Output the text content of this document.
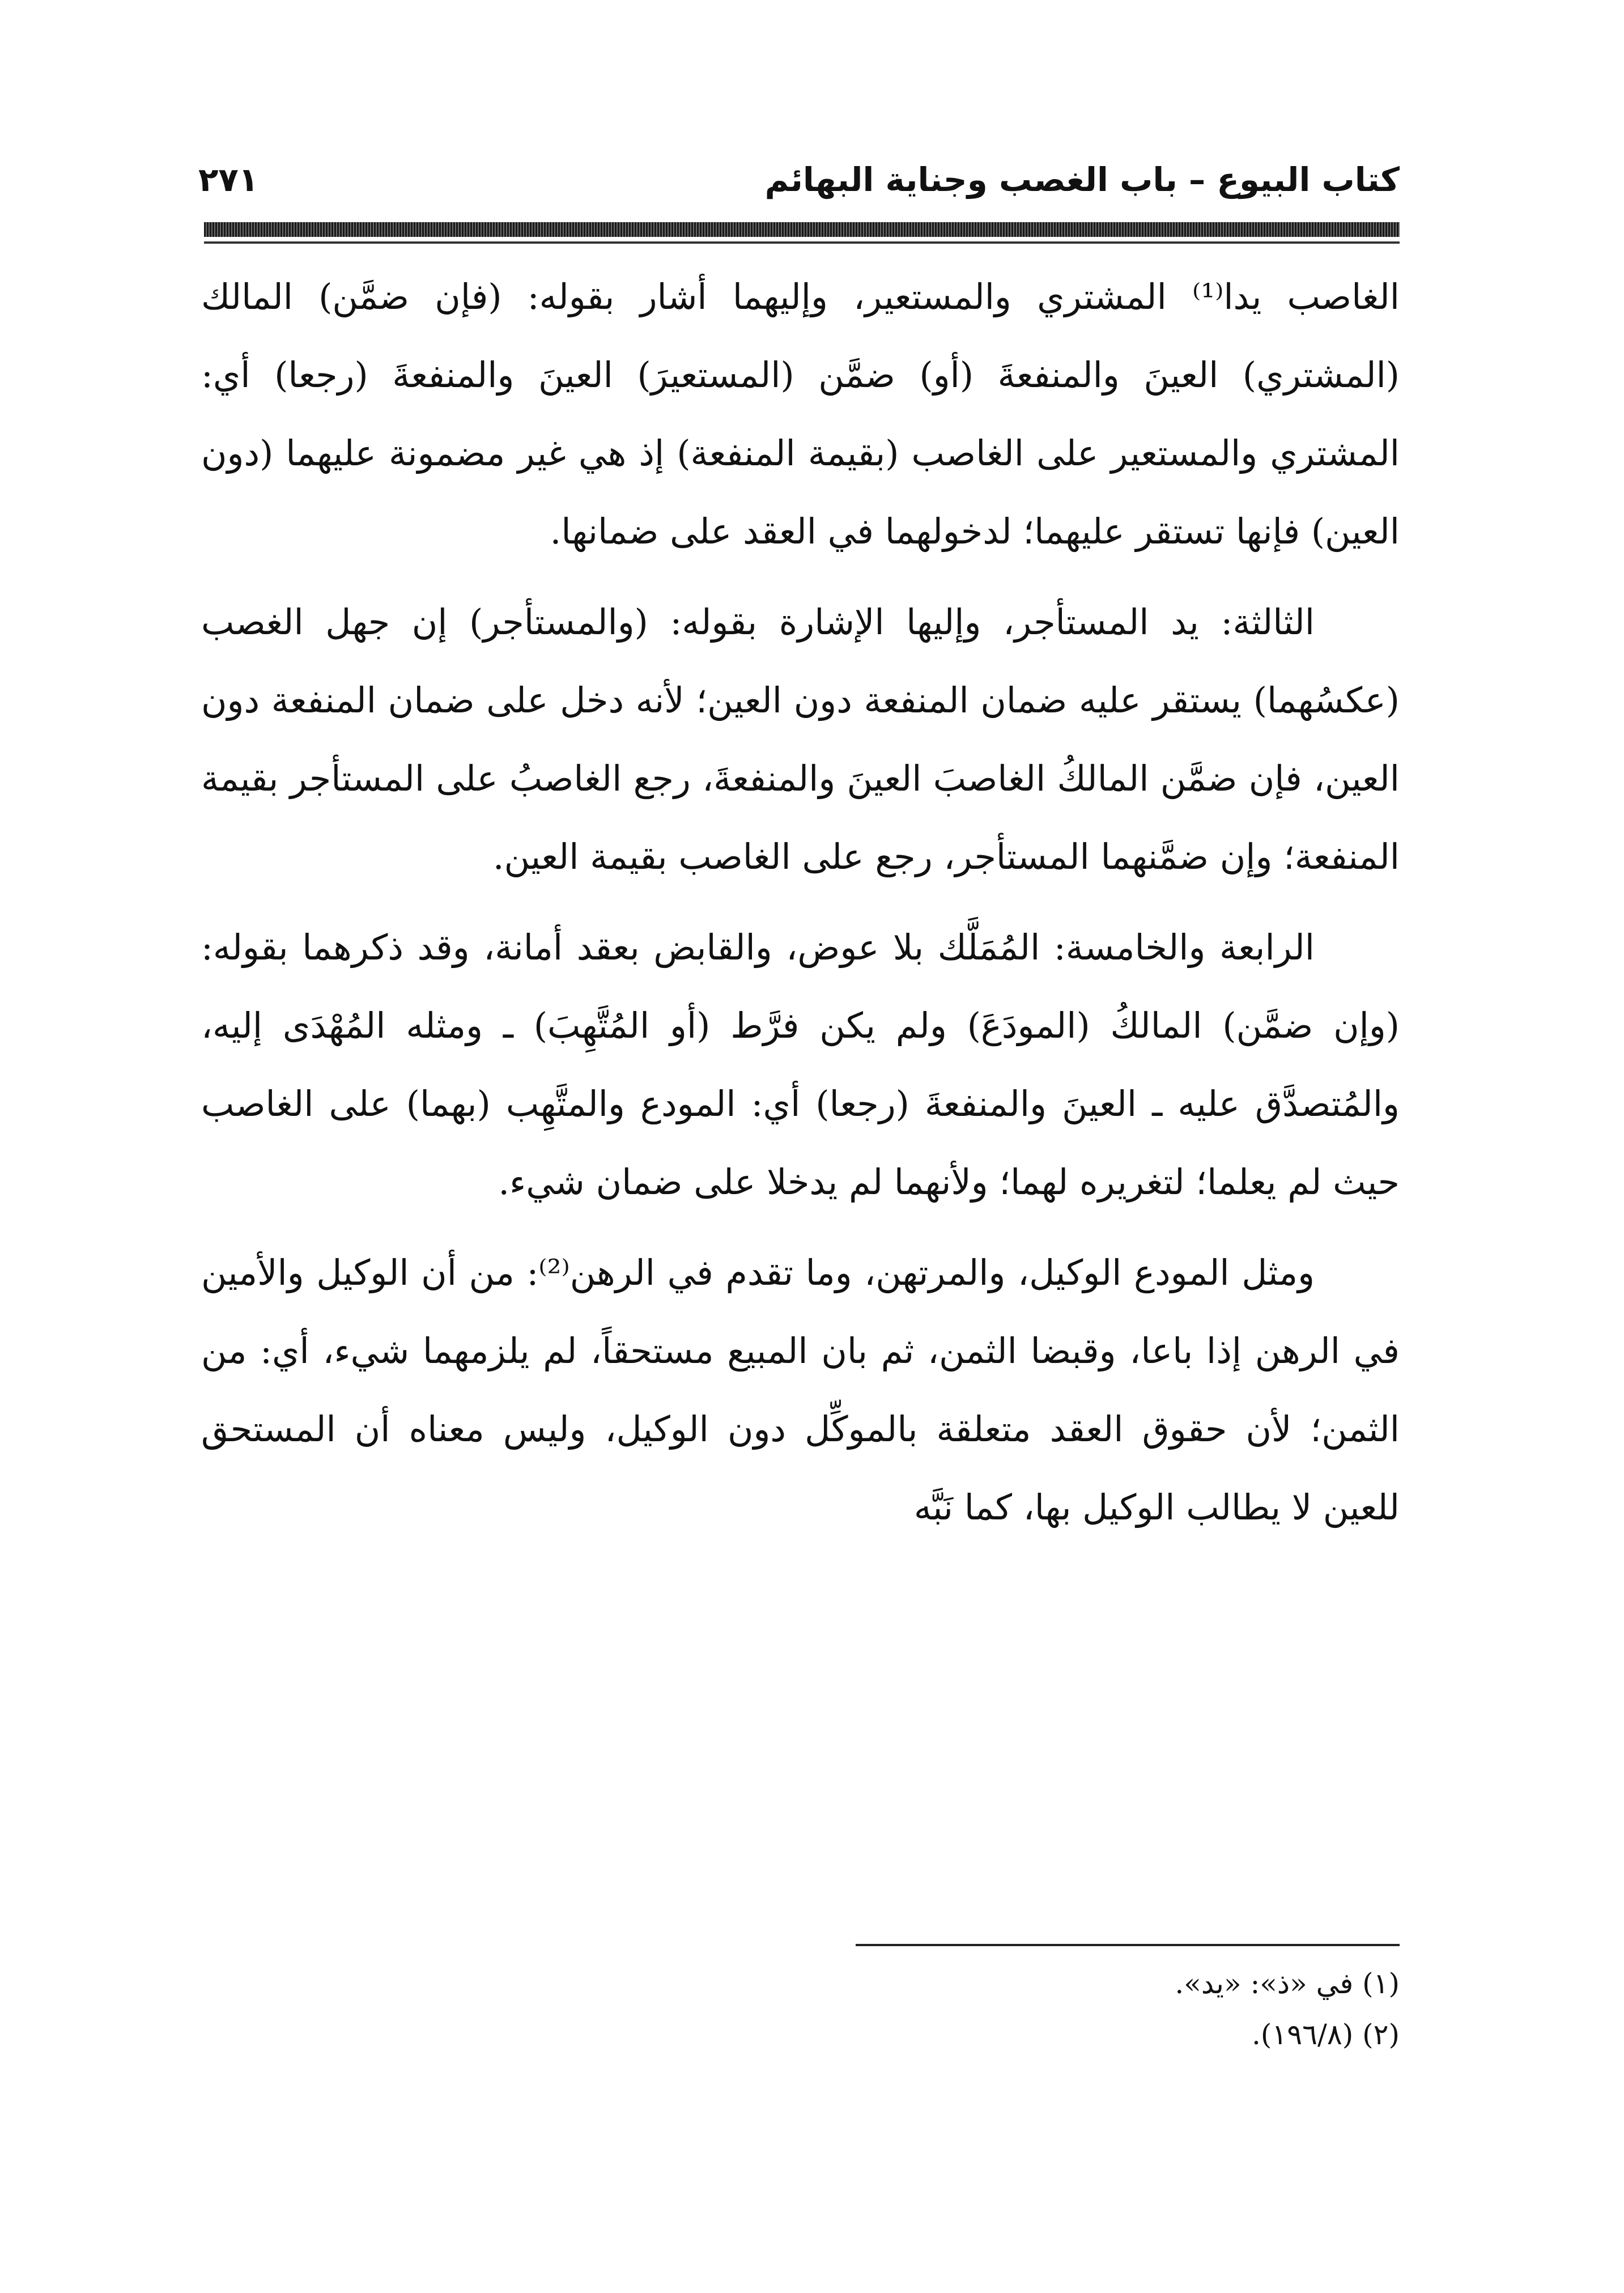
كتاب البيوع – باب الغصب وجناية البهائم
٢٧١

الغاصب يدا⁽¹⁾ المشتري والمستعير، وإليهما أشار بقوله: (فإن ضمَّن) المالك (المشتري) العينَ والمنفعةَ (أو) ضمَّن (المستعيرَ) العينَ والمنفعةَ (رجعا) أي: المشتري والمستعير على الغاصب (بقيمة المنفعة) إذ هي غير مضمونة عليهما (دون العين) فإنها تستقر عليهما؛ لدخولهما في العقد على ضمانها.

الثالثة: يد المستأجر، وإليها الإشارة بقوله: (والمستأجر) إن جهل الغصب (عكسُهما) يستقر عليه ضمان المنفعة دون العين؛ لأنه دخل على ضمان المنفعة دون العين، فإن ضمَّن المالكُ الغاصبَ العينَ والمنفعةَ، رجع الغاصبُ على المستأجر بقيمة المنفعة؛ وإن ضمَّنهما المستأجر، رجع على الغاصب بقيمة العين.

الرابعة والخامسة: المُمَلَّك بلا عوض، والقابض بعقد أمانة، وقد ذكرهما بقوله: (وإن ضمَّن) المالكُ (المودَعَ) ولم يكن فرَّط (أو المُتَّهِبَ) ـ ومثله المُهْدَى إليه، والمُتصدَّق عليه ـ العينَ والمنفعةَ (رجعا) أي: المودع والمتَّهِب (بهما) على الغاصب حيث لم يعلما؛ لتغريره لهما؛ ولأنهما لم يدخلا على ضمان شيء.

ومثل المودع الوكيل، والمرتهن، وما تقدم في الرهن⁽²⁾: من أن الوكيل والأمين في الرهن إذا باعا، وقبضا الثمن، ثم بان المبيع مستحقاً، لم يلزمهما شيء، أي: من الثمن؛ لأن حقوق العقد متعلقة بالموكِّل دون الوكيل، وليس معناه أن المستحق للعين لا يطالب الوكيل بها، كما نَبَّه

(١) في «ذ»: «يد».
(٢) (١٩٦/٨).
